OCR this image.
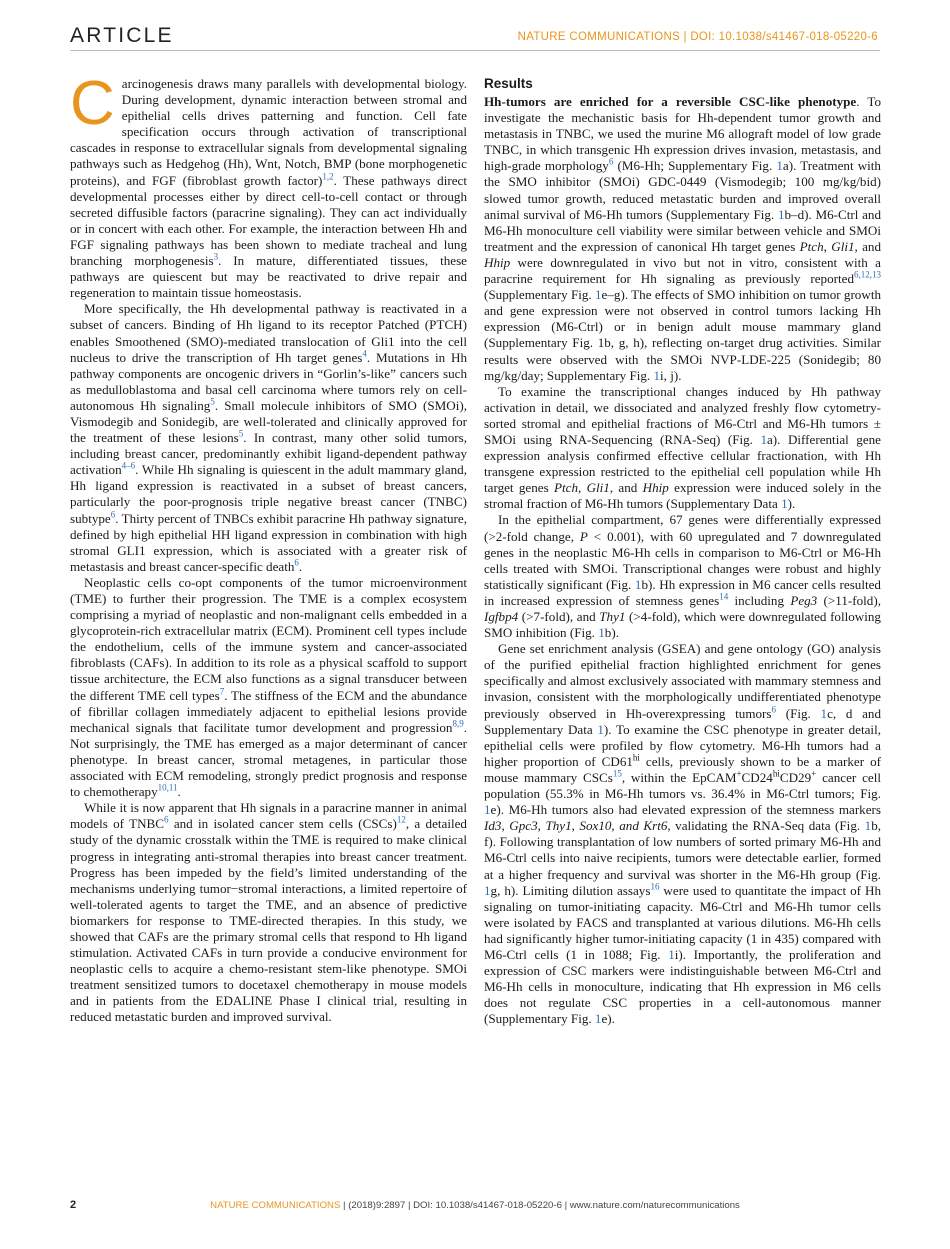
ARTICLE	NATURE COMMUNICATIONS | DOI: 10.1038/s41467-018-05220-6

Carcinogenesis draws many parallels with developmental biology. During development, dynamic interaction between stromal and epithelial cells drives patterning and function. Cell fate specification occurs through activation of transcriptional cascades in response to extracellular signals from developmental signaling pathways such as Hedgehog (Hh), Wnt, Notch, BMP (bone morphogenetic proteins), and FGF (fibroblast growth factor)$^{1,2}$. These pathways direct developmental processes either by direct cell-to-cell contact or through secreted diffusible factors (paracrine signaling). They can act individually or in concert with each other. For example, the interaction between Hh and FGF signaling pathways has been shown to mediate tracheal and lung branching morphogenesis$^3$. In mature, differentiated tissues, these pathways are quiescent but may be reactivated to drive repair and regeneration to maintain tissue homeostasis.

More specifically, the Hh developmental pathway is reactivated in a subset of cancers. Binding of Hh ligand to its receptor Patched (PTCH) enables Smoothened (SMO)-mediated translocation of Gli1 into the cell nucleus to drive the transcription of Hh target genes$^4$. Mutations in Hh pathway components are oncogenic drivers in “Gorlin’s-like” cancers such as medulloblastoma and basal cell carcinoma where tumors rely on cell-autonomous Hh signaling$^5$. Small molecule inhibitors of SMO (SMOi), Vismodegib and Sonidegib, are well-tolerated and clinically approved for the treatment of these lesions$^5$. In contrast, many other solid tumors, including breast cancer, predominantly exhibit ligand-dependent pathway activation$^{4-6}$. While Hh signaling is quiescent in the adult mammary gland, Hh ligand expression is reactivated in a subset of breast cancers, particularly the poor-prognosis triple negative breast cancer (TNBC) subtype$^6$. Thirty percent of TNBCs exhibit paracrine Hh pathway signature, defined by high epithelial HH ligand expression in combination with high stromal GLI1 expression, which is associated with a greater risk of metastasis and breast cancer-specific death$^6$.

Neoplastic cells co-opt components of the tumor microenvironment (TME) to further their progression. The TME is a complex ecosystem comprising a myriad of neoplastic and non-malignant cells embedded in a glycoprotein-rich extracellular matrix (ECM). Prominent cell types include the endothelium, cells of the immune system and cancer-associated fibroblasts (CAFs). In addition to its role as a physical scaffold to support tissue architecture, the ECM also functions as a signal transducer between the different TME cell types$^7$. The stiffness of the ECM and the abundance of fibrillar collagen immediately adjacent to epithelial lesions provide mechanical signals that facilitate tumor development and progression$^{8,9}$. Not surprisingly, the TME has emerged as a major determinant of cancer phenotype. In breast cancer, stromal metagenes, in particular those associated with ECM remodeling, strongly predict prognosis and response to chemotherapy$^{10,11}$.

While it is now apparent that Hh signals in a paracrine manner in animal models of TNBC$^6$ and in isolated cancer stem cells (CSCs)$^{12}$, a detailed study of the dynamic crosstalk within the TME is required to make clinical progress in integrating anti-stromal therapies into breast cancer treatment. Progress has been impeded by the field’s limited understanding of the mechanisms underlying tumor−stromal interactions, a limited repertoire of well-tolerated agents to target the TME, and an absence of predictive biomarkers for response to TME-directed therapies. In this study, we showed that CAFs are the primary stromal cells that respond to Hh ligand stimulation. Activated CAFs in turn provide a conducive environment for neoplastic cells to acquire a chemo-resistant stem-like phenotype. SMOi treatment sensitized tumors to docetaxel chemotherapy in mouse models and in patients from the EDALINE Phase I clinical trial, resulting in reduced metastatic burden and improved survival.

Results

Hh-tumors are enriched for a reversible CSC-like phenotype. To investigate the mechanistic basis for Hh-dependent tumor growth and metastasis in TNBC, we used the murine M6 allograft model of low grade TNBC, in which transgenic Hh expression drives invasion, metastasis, and high-grade morphology$^6$ (M6-Hh; Supplementary Fig. 1a). Treatment with the SMO inhibitor (SMOi) GDC-0449 (Vismodegib; 100 mg/kg/bid) slowed tumor growth, reduced metastatic burden and improved overall animal survival of M6-Hh tumors (Supplementary Fig. 1b–d). M6-Ctrl and M6-Hh monoculture cell viability were similar between vehicle and SMOi treatment and the expression of canonical Hh target genes Ptch, Gli1, and Hhip were downregulated in vivo but not in vitro, consistent with a paracrine requirement for Hh signaling as previously reported$^{6,12,13}$ (Supplementary Fig. 1e–g). The effects of SMO inhibition on tumor growth and gene expression were not observed in control tumors lacking Hh expression (M6-Ctrl) or in benign adult mouse mammary gland (Supplementary Fig. 1b, g, h), reflecting on-target drug activities. Similar results were observed with the SMOi NVP-LDE-225 (Sonidegib; 80 mg/kg/day; Supplementary Fig. 1i, j).

To examine the transcriptional changes induced by Hh pathway activation in detail, we dissociated and analyzed freshly flow cytometry-sorted stromal and epithelial fractions of M6-Ctrl and M6-Hh tumors ± SMOi using RNA-Sequencing (RNA-Seq) (Fig. 1a). Differential gene expression analysis confirmed effective cellular fractionation, with Hh transgene expression restricted to the epithelial cell population while Hh target genes Ptch, Gli1, and Hhip expression were induced solely in the stromal fraction of M6-Hh tumors (Supplementary Data 1).

In the epithelial compartment, 67 genes were differentially expressed (>2-fold change, P < 0.001), with 60 upregulated and 7 downregulated genes in the neoplastic M6-Hh cells in comparison to M6-Ctrl or M6-Hh cells treated with SMOi. Transcriptional changes were robust and highly statistically significant (Fig. 1b). Hh expression in M6 cancer cells resulted in increased expression of stemness genes$^{14}$ including Peg3 (>11-fold), Igfbp4 (>7-fold), and Thy1 (>4-fold), which were downregulated following SMO inhibition (Fig. 1b).

Gene set enrichment analysis (GSEA) and gene ontology (GO) analysis of the purified epithelial fraction highlighted enrichment for genes specifically and almost exclusively associated with mammary stemness and invasion, consistent with the morphologically undifferentiated phenotype previously observed in Hh-overexpressing tumors$^6$ (Fig. 1c, d and Supplementary Data 1). To examine the CSC phenotype in greater detail, epithelial cells were profiled by flow cytometry. M6-Hh tumors had a higher proportion of $CD61^{hi}$ cells, previously shown to be a marker of mouse mammary CSCs$^{15}$, within the $EpCAM^+CD24^{hi}CD29^+$ cancer cell population (55.3% in M6-Hh tumors vs. 36.4% in M6-Ctrl tumors; Fig. 1e). M6-Hh tumors also had elevated expression of the stemness markers Id3, Gpc3, Thy1, Sox10, and Krt6, validating the RNA-Seq data (Fig. 1b, f). Following transplantation of low numbers of sorted primary M6-Hh and M6-Ctrl cells into naive recipients, tumors were detectable earlier, formed at a higher frequency and survival was shorter in the M6-Hh group (Fig. 1g, h). Limiting dilution assays$^{16}$ were used to quantitate the impact of Hh signaling on tumor-initiating capacity. M6-Ctrl and M6-Hh tumor cells were isolated by FACS and transplanted at various dilutions. M6-Hh cells had significantly higher tumor-initiating capacity (1 in 435) compared with M6-Ctrl cells (1 in 1088; Fig. 1i). Importantly, the proliferation and expression of CSC markers were indistinguishable between M6-Ctrl and M6-Hh cells in monoculture, indicating that Hh expression in M6 cells does not regulate CSC properties in a cell-autonomous manner (Supplementary Fig. 1e).

2	NATURE COMMUNICATIONS | (2018)9:2897 | DOI: 10.1038/s41467-018-05220-6 | www.nature.com/naturecommunications
